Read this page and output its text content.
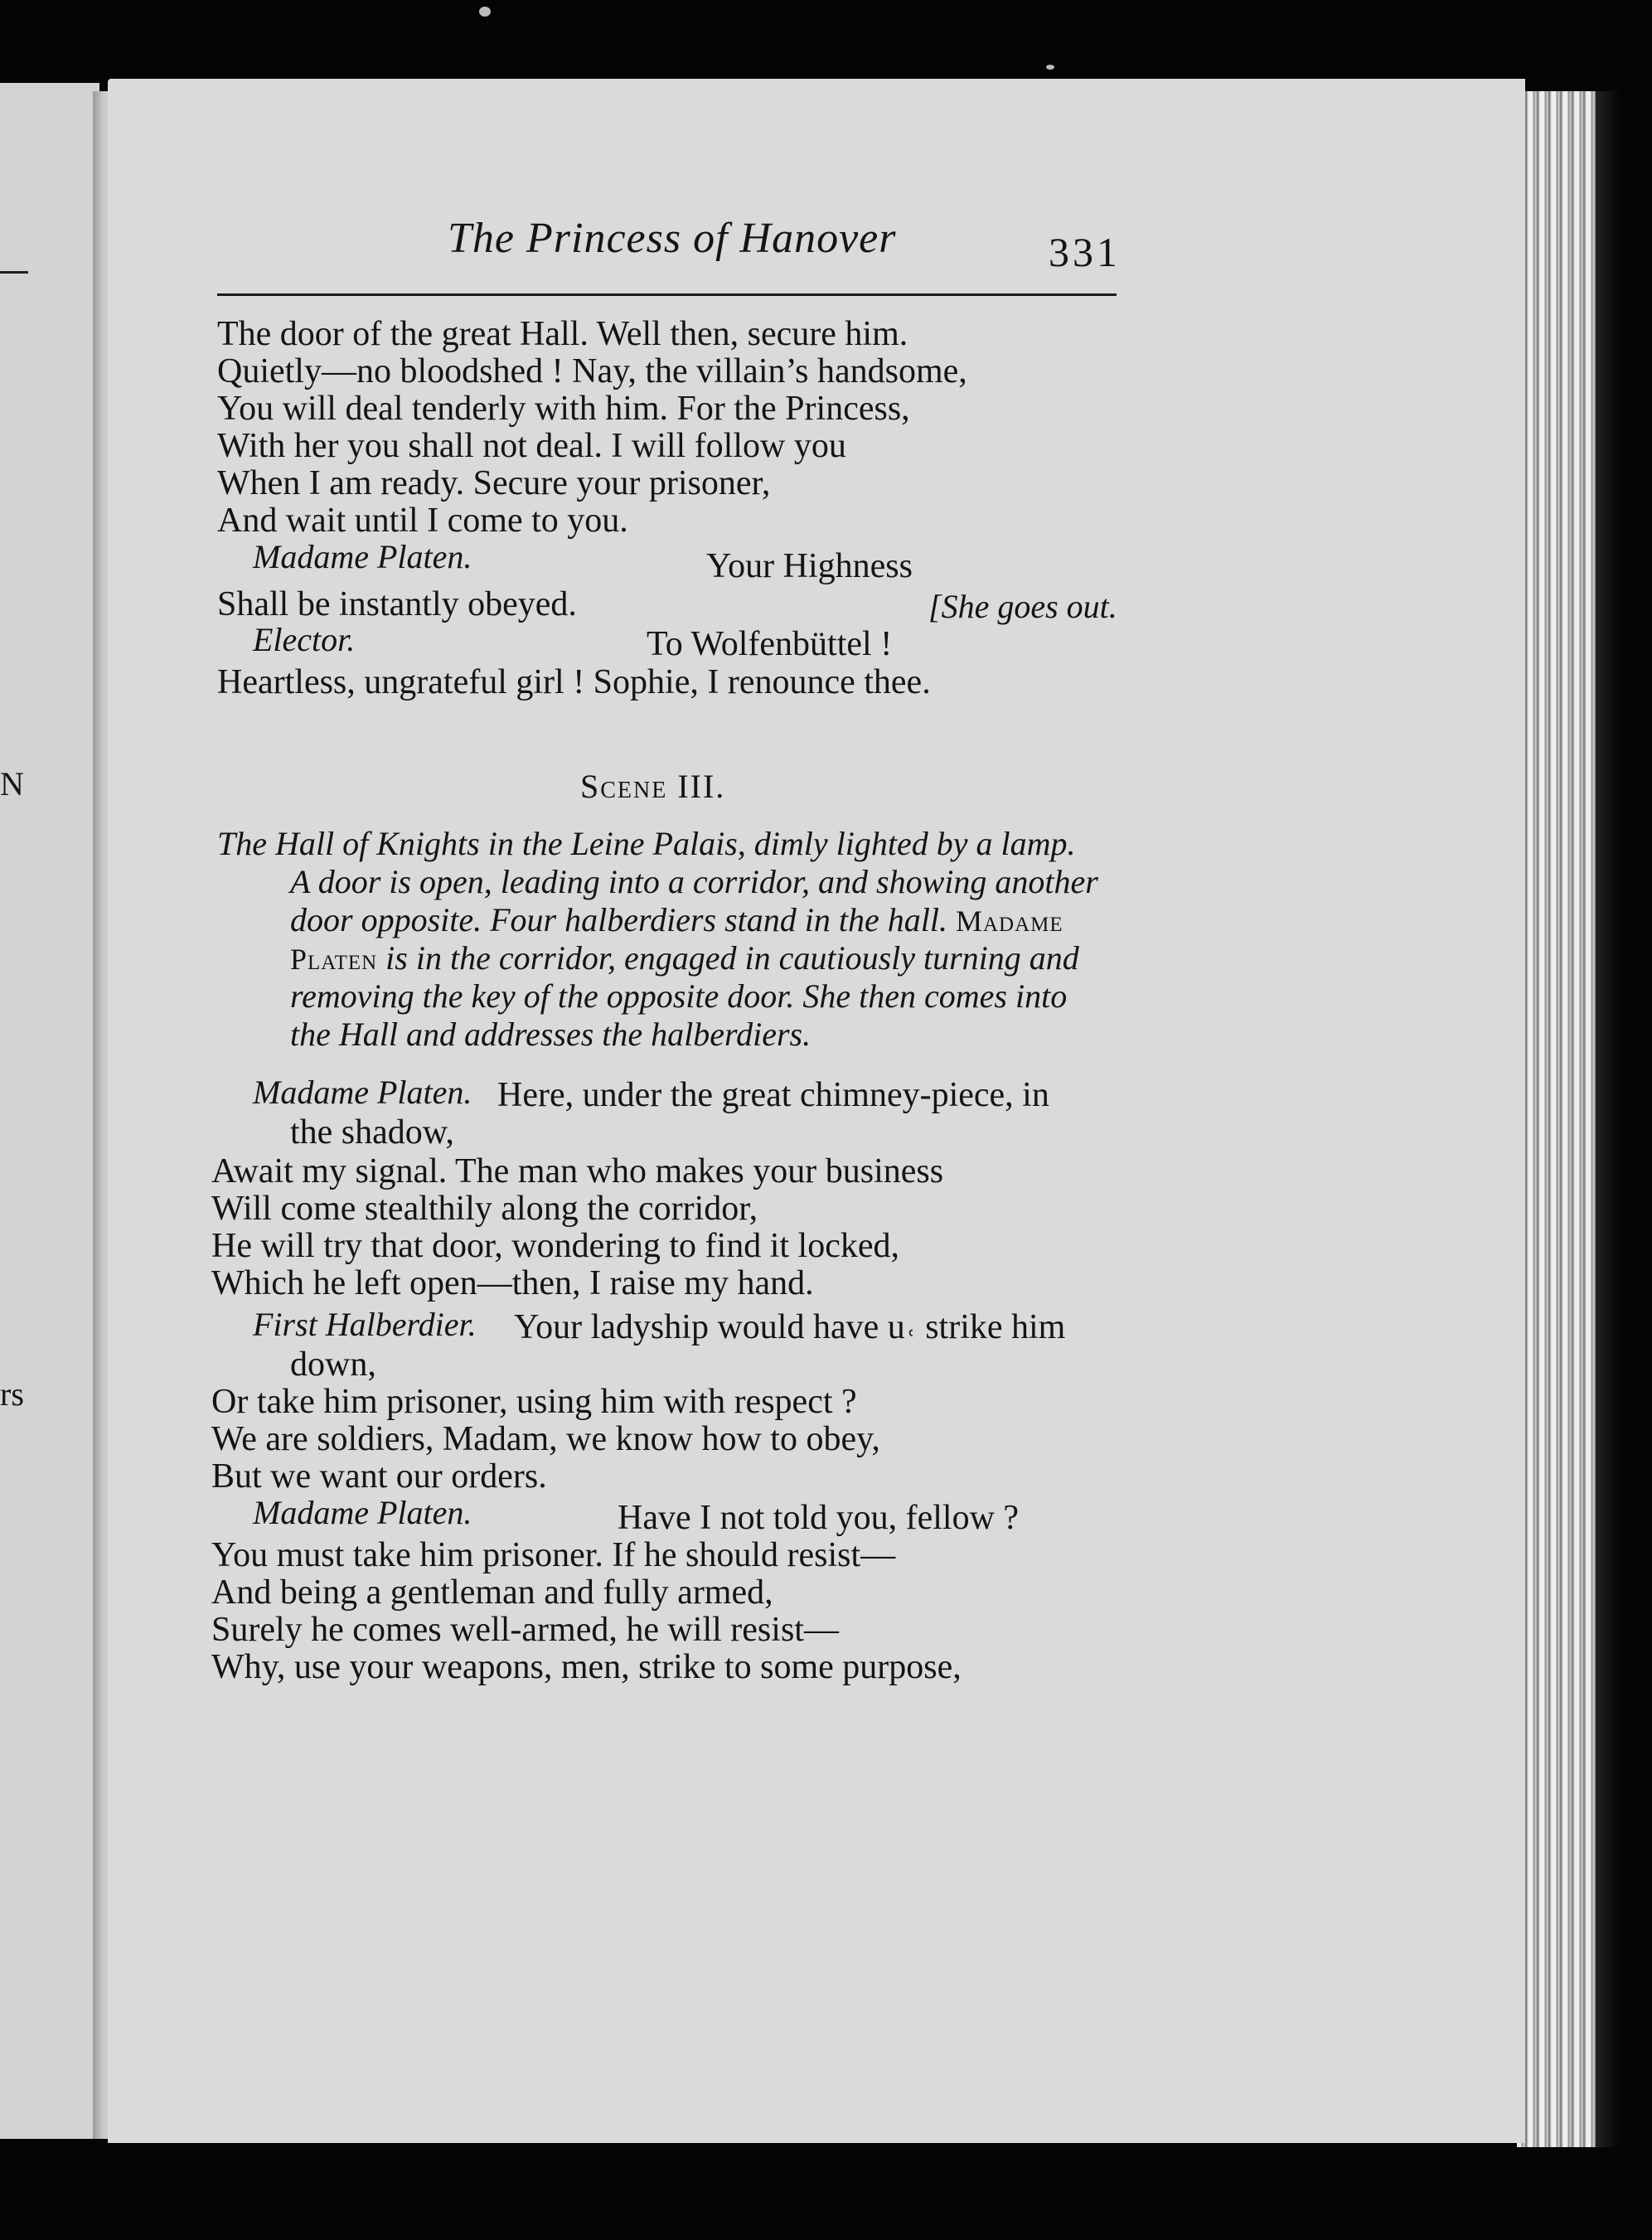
N
rs
The Princess of Hanover	331
The door of the great Hall. Well then, secure him.
Quietly—no bloodshed ! Nay, the villain’s handsome,
You will deal tenderly with him. For the Princess,
With her you shall not deal. I will follow you
When I am ready. Secure your prisoner,
And wait until I come to you.
Madame Platen.	Your Highness
Shall be instantly obeyed.	[She goes out.
Elector.	To Wolfenbüttel !
Heartless, ungrateful girl ! Sophie, I renounce thee.
Scene III.
The Hall of Knights in the Leine Palais, dimly lighted by a lamp.
A door is open, leading into a corridor, and showing another
door opposite. Four halberdiers stand in the hall. Madame
Platen is in the corridor, engaged in cautiously turning and
removing the key of the opposite door. She then comes into
the Hall and addresses the halberdiers.
Madame Platen. Here, under the great chimney-piece, in
the shadow,
Await my signal. The man who makes your business
Will come stealthily along the corridor,
He will try that door, wondering to find it locked,
Which he left open—then, I raise my hand.
First Halberdier. Your ladyship would have u˓ strike him
down,
Or take him prisoner, using him with respect ?
We are soldiers, Madam, we know how to obey,
But we want our orders.
Madame Platen.	Have I not told you, fellow ?
You must take him prisoner. If he should resist—
And being a gentleman and fully armed,
Surely he comes well-armed, he will resist—
Why, use your weapons, men, strike to some purpose,
